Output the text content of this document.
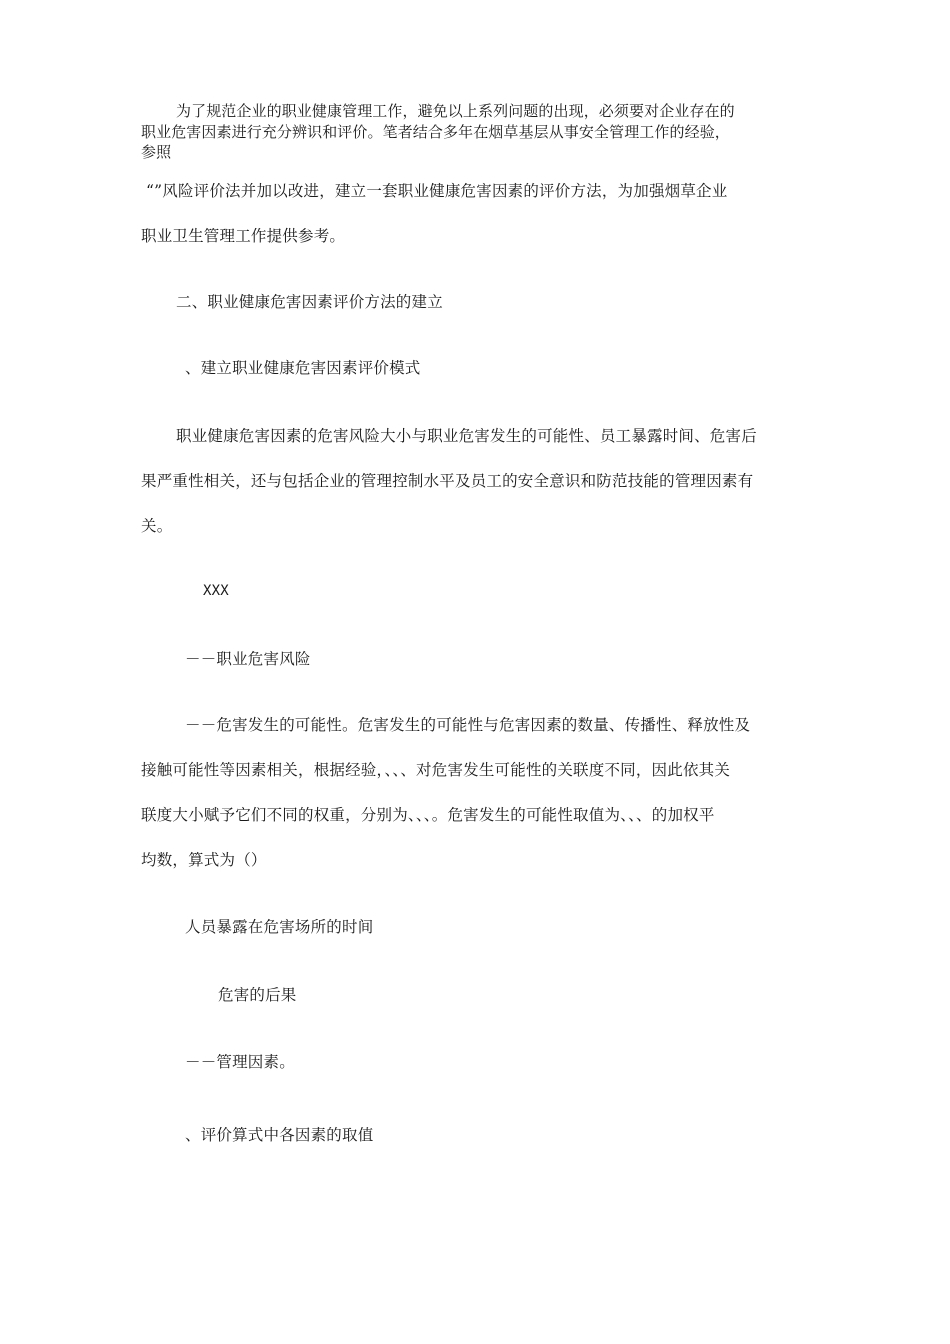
为了规范企业的职业健康管理工作，避免以上系列问题的出现，必须要对企业存在的

职业危害因素进行充分辨识和评价。笔者结合多年在烟草基层从事安全管理工作的经验，

参照

“”风险评价法并加以改进，建立一套职业健康危害因素的评价方法，为加强烟草企业

职业卫生管理工作提供参考。

二、职业健康危害因素评价方法的建立

、建立职业健康危害因素评价模式

职业健康危害因素的危害风险大小与职业危害发生的可能性、员工暴露时间、危害后

果严重性相关，还与包括企业的管理控制水平及员工的安全意识和防范技能的管理因素有

关。

XXX

－－职业危害风险

－－危害发生的可能性。危害发生的可能性与危害因素的数量、传播性、释放性及

接触可能性等因素相关，根据经验，、、、对危害发生可能性的关联度不同，因此依其关

联度大小赋予它们不同的权重，分别为、、、。危害发生的可能性取值为、、、的加权平

均数，算式为（）

人员暴露在危害场所的时间

危害的后果

－－管理因素。

、评价算式中各因素的取值
